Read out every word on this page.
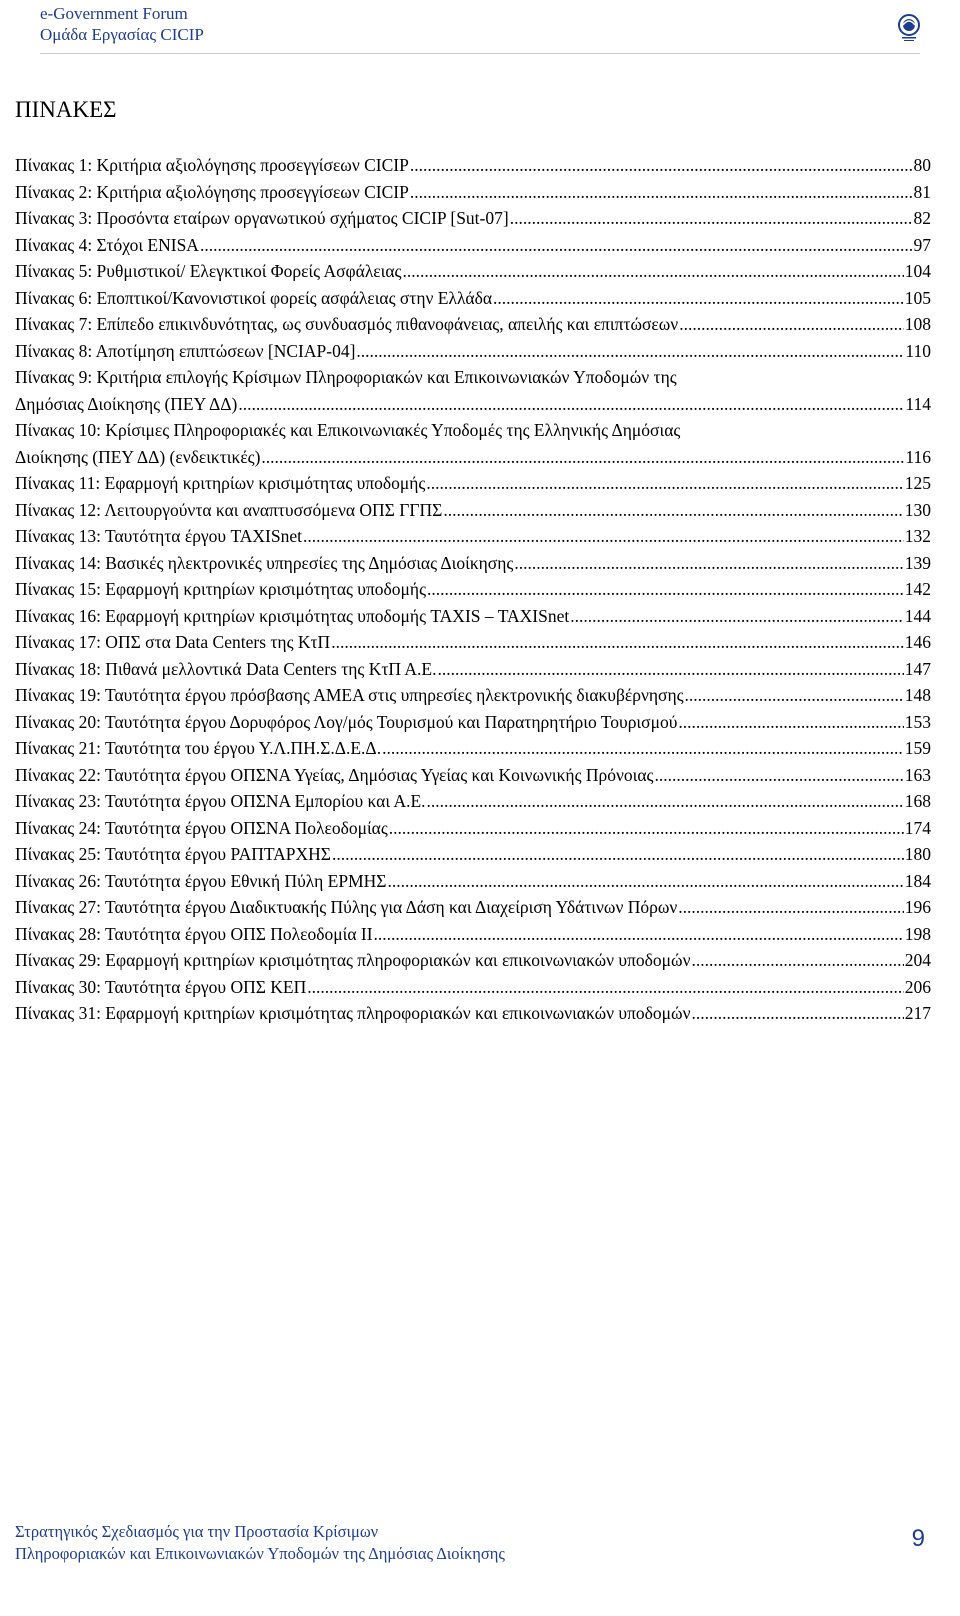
e-Government Forum
Ομάδα Εργασίας CICIP
ΠΙΝΑΚΕΣ
Πίνακας 1: Κριτήρια αξιολόγησης προσεγγίσεων CICIP .....	80
Πίνακας 2: Κριτήρια αξιολόγησης προσεγγίσεων CICIP .....	81
Πίνακας 3: Προσόντα εταίρων οργανωτικού σχήματος CICIP [Sut-07] .....	82
Πίνακας 4: Στόχοι ENISA .....	97
Πίνακας 5: Ρυθμιστικοί/ Ελεγκτικοί Φορείς Ασφάλειας .....	104
Πίνακας 6: Εποπτικοί/Κανονιστικοί φορείς ασφάλειας στην Ελλάδα .....	105
Πίνακας 7: Επίπεδο επικινδυνότητας, ως συνδυασμός πιθανοφάνειας, απειλής και επιπτώσεων .....	108
Πίνακας 8: Αποτίμηση επιπτώσεων [NCIAP-04] .....	110
Πίνακας 9: Κριτήρια επιλογής Κρίσιμων Πληροφοριακών και Επικοινωνιακών Υποδομών της
Δημόσιας Διοίκησης (ΠΕΥ ΔΔ) .....	114
Πίνακας 10: Κρίσιμες Πληροφοριακές και Επικοινωνιακές Υποδομές της Ελληνικής Δημόσιας
Διοίκησης (ΠΕΥ ΔΔ) (ενδεικτικές) .....	116
Πίνακας 11: Εφαρμογή κριτηρίων κρισιμότητας υποδομής .....	125
Πίνακας 12: Λειτουργούντα και αναπτυσσόμενα ΟΠΣ ΓΓΠΣ .....	130
Πίνακας 13: Ταυτότητα έργου TAXISnet .....	132
Πίνακας 14: Βασικές ηλεκτρονικές υπηρεσίες της Δημόσιας Διοίκησης .....	139
Πίνακας 15: Εφαρμογή κριτηρίων κρισιμότητας υποδομής .....	142
Πίνακας 16: Εφαρμογή κριτηρίων κρισιμότητας υποδομής TAXIS – TAXISnet .....	144
Πίνακας 17: ΟΠΣ στα Data Centers της ΚτΠ .....	146
Πίνακας 18: Πιθανά μελλοντικά Data Centers της ΚτΠ Α.Ε. .....	147
Πίνακας 19: Ταυτότητα έργου πρόσβασης ΑΜΕΑ στις υπηρεσίες ηλεκτρονικής διακυβέρνησης .....	148
Πίνακας 20: Ταυτότητα έργου Δορυφόρος Λογ/μός Τουρισμού και Παρατηρητήριο Τουρισμού .....	153
Πίνακας 21: Ταυτότητα του έργου Υ.Λ.ΠΗ.Σ.Δ.Ε.Δ. .....	159
Πίνακας 22: Ταυτότητα έργου ΟΠΣΝΑ Υγείας, Δημόσιας Υγείας και Κοινωνικής Πρόνοιας .....	163
Πίνακας 23: Ταυτότητα έργου ΟΠΣΝΑ Εμπορίου και Α.Ε. .....	168
Πίνακας 24: Ταυτότητα έργου ΟΠΣΝΑ Πολεοδομίας .....	174
Πίνακας 25: Ταυτότητα έργου ΡΑΠΤΑΡΧΗΣ .....	180
Πίνακας 26: Ταυτότητα έργου Εθνική Πύλη ΕΡΜΗΣ .....	184
Πίνακας 27: Ταυτότητα έργου Διαδικτυακής Πύλης για Δάση και Διαχείριση Υδάτινων Πόρων .....	196
Πίνακας 28: Ταυτότητα έργου ΟΠΣ Πολεοδομία ΙΙ .....	198
Πίνακας 29: Εφαρμογή κριτηρίων κρισιμότητας πληροφοριακών και επικοινωνιακών υποδομών .....	204
Πίνακας 30: Ταυτότητα έργου ΟΠΣ ΚΕΠ .....	206
Πίνακας 31: Εφαρμογή κριτηρίων κρισιμότητας πληροφοριακών και επικοινωνιακών υποδομών .....	217
Στρατηγικός Σχεδιασμός για την Προστασία Κρίσιμων
Πληροφοριακών και Επικοινωνιακών Υποδομών της Δημόσιας Διοίκησης
9
